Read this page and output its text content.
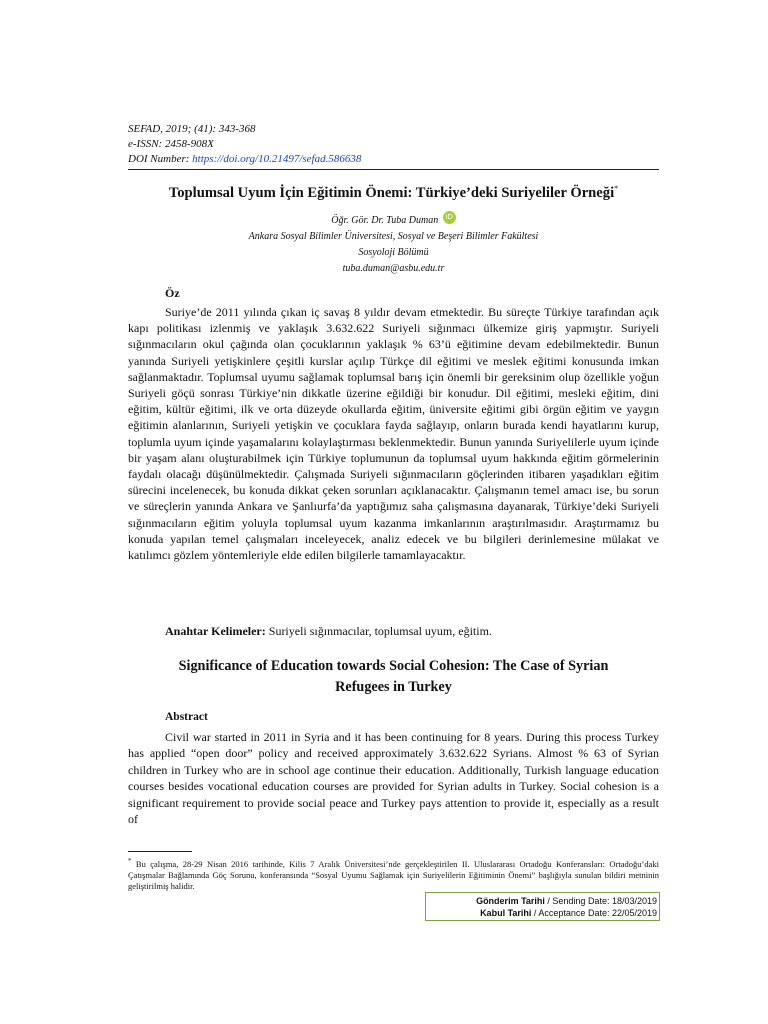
SEFAD, 2019; (41): 343-368
e-ISSN: 2458-908X
DOI Number: https://doi.org/10.21497/sefad.586638
Toplumsal Uyum İçin Eğitimin Önemi: Türkiye’deki Suriyeliler Örneği*
Öğr. Gör. Dr. Tuba Duman iD
Ankara Sosyal Bilimler Üniversitesi, Sosyal ve Beşeri Bilimler Fakültesi
Sosyoloji Bölümü
tuba.duman@asbu.edu.tr
Öz

Suriye’de 2011 yılında çıkan iç savaş 8 yıldır devam etmektedir. Bu süreçte Türkiye tarafından açık kapı politikası izlenmiş ve yaklaşık 3.632.622 Suriyeli sığınmacı ülkemize giriş yapmıştır. Suriyeli sığınmacıların okul çağında olan çocuklarının yaklaşık % 63’ü eğitimine devam edebilmektedir. Bunun yanında Suriyeli yetişkinlere çeşitli kurslar açılıp Türkçe dil eğitimi ve meslek eğitimi konusunda imkan sağlanmaktadır. Toplumsal uyumu sağlamak toplumsal barış için önemli bir gereksinim olup özellikle yoğun Suriyeli göçü sonrası Türkiye’nin dikkatle üzerine eğildiği bir konudur. Dil eğitimi, mesleki eğitim, dini eğitim, kültür eğitimi, ilk ve orta düzeyde okullarda eğitim, üniversite eğitimi gibi örgün eğitim ve yaygın eğitimin alanlarının, Suriyeli yetişkin ve çocuklara fayda sağlayıp, onların burada kendi hayatlarını kurup, toplumla uyum içinde yaşamalarını kolaylaştırması beklenmektedir. Bunun yanında Suriyelilerle uyum içinde bir yaşam alanı oluşturabilmek için Türkiye toplumunun da toplumsal uyum hakkında eğitim görmelerinin faydalı olacağı düşünülmektedir. Çalışmada Suriyeli sığınmacıların göçlerinden itibaren yaşadıkları eğitim sürecini incelenecek, bu konuda dikkat çeken sorunları açıklanacaktır. Çalışmanın temel amacı ise, bu sorun ve süreçlerin yanında Ankara ve Şanlıurfa’da yaptığımız saha çalışmasına dayanarak, Türkiye’deki Suriyeli sığınmacıların eğitim yoluyla toplumsal uyum kazanma imkanlarının araştırılmasıdır. Araştırmamız bu konuda yapılan temel çalışmaları inceleyecek, analiz edecek ve bu bilgileri derinlemesine mülakat ve katılımcı gözlem yöntemleriyle elde edilen bilgilerle tamamlayacaktır.

Anahtar Kelimeler: Suriyeli sığınmacılar, toplumsal uyum, eğitim.
Significance of Education towards Social Cohesion: The Case of Syrian
Refugees in Turkey
Abstract

Civil war started in 2011 in Syria and it has been continuing for 8 years. During this process Turkey has applied “open door” policy and received approximately 3.632.622 Syrians. Almost % 63 of Syrian children in Turkey who are in school age continue their education. Additionally, Turkish language education courses besides vocational education courses are provided for Syrian adults in Turkey. Social cohesion is a significant requirement to provide social peace and Turkey pays attention to provide it, especially as a result of

* Bu çalışma, 28-29 Nisan 2016 tarihinde, Kilis 7 Aralık Üniversitesi’nde gerçekleştirilen II. Uluslararası Ortadoğu Konferansları: Ortadoğu’daki Çatışmalar Bağlamında Göç Sorunu, konferansında “Sosyal Uyumu Sağlamak için Suriyelilerin Eğitiminin Önemi” başlığıyla sunulan bildiri metninin geliştirilmiş halidir.

Gönderim Tarihi / Sending Date: 18/03/2019
Kabul Tarihi / Acceptance Date: 22/05/2019
